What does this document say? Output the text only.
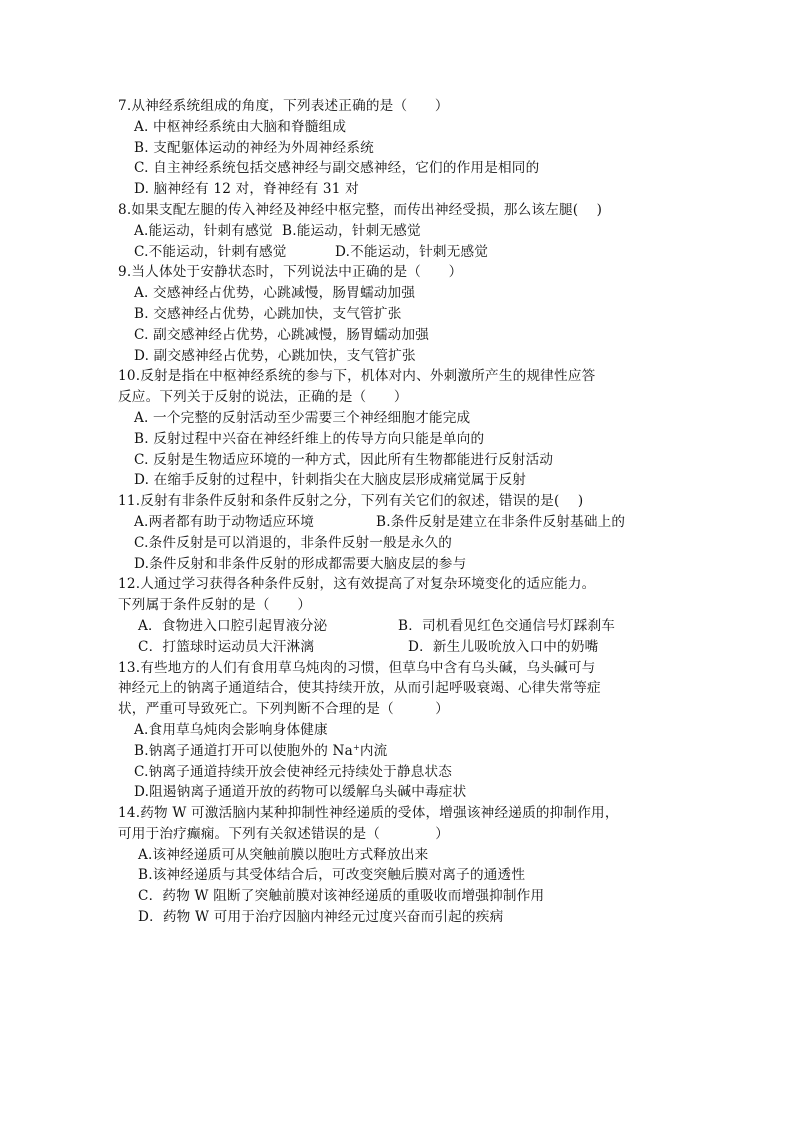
7.从神经系统组成的角度，下列表述正确的是（　　）
A. 中枢神经系统由大脑和脊髓组成
B. 支配躯体运动的神经为外周神经系统
C. 自主神经系统包括交感神经与副交感神经，它们的作用是相同的
D. 脑神经有 12 对，脊神经有 31 对
8.如果支配左腿的传入神经及神经中枢完整，而传出神经受损，那么该左腿(　 )
A.能运动，针刺有感觉 B.能运动，针刺无感觉
C.不能运动，针刺有感觉	D.不能运动，针刺无感觉
9.当人体处于安静状态时，下列说法中正确的是（　　）
A. 交感神经占优势，心跳减慢，肠胃蠕动加强
B. 交感神经占优势，心跳加快，支气管扩张
C. 副交感神经占优势，心跳减慢，肠胃蠕动加强
D. 副交感神经占优势，心跳加快，支气管扩张
10.反射是指在中枢神经系统的参与下，机体对内、外刺激所产生的规律性应答
反应。下列关于反射的说法，正确的是（　　）
A. 一个完整的反射活动至少需要三个神经细胞才能完成
B. 反射过程中兴奋在神经纤维上的传导方向只能是单向的
C. 反射是生物适应环境的一种方式，因此所有生物都能进行反射活动
D. 在缩手反射的过程中，针刺指尖在大脑皮层形成痛觉属于反射
11.反射有非条件反射和条件反射之分，下列有关它们的叙述，错误的是(　 )
A.两者都有助于动物适应环境	B.条件反射是建立在非条件反射基础上的
C.条件反射是可以消退的，非条件反射一般是永久的
D.条件反射和非条件反射的形成都需要大脑皮层的参与
12.人通过学习获得各种条件反射，这有效提高了对复杂环境变化的适应能力。
下列属于条件反射的是（　　）
A．食物进入口腔引起胃液分泌	B．司机看见红色交通信号灯踩刹车
C．打篮球时运动员大汗淋漓	D．新生儿吸吮放入口中的奶嘴
13.有些地方的人们有食用草乌炖肉的习惯，但草乌中含有乌头碱，乌头碱可与
神经元上的钠离子通道结合，使其持续开放，从而引起呼吸衰竭、心律失常等症
状，严重可导致死亡。下列判断不合理的是（　　　）
A.食用草乌炖肉会影响身体健康
B.钠离子通道打开可以使胞外的 Na+内流
C.钠离子通道持续开放会使神经元持续处于静息状态
D.阻遏钠离子通道开放的药物可以缓解乌头碱中毒症状
14.药物 W 可激活脑内某种抑制性神经递质的受体，增强该神经递质的抑制作用，
可用于治疗癫痫。下列有关叙述错误的是（　　　　）
A.该神经递质可从突触前膜以胞吐方式释放出来
B.该神经递质与其受体结合后，可改变突触后膜对离子的通透性
C．药物 W 阻断了突触前膜对该神经递质的重吸收而增强抑制作用
D．药物 W 可用于治疗因脑内神经元过度兴奋而引起的疾病
